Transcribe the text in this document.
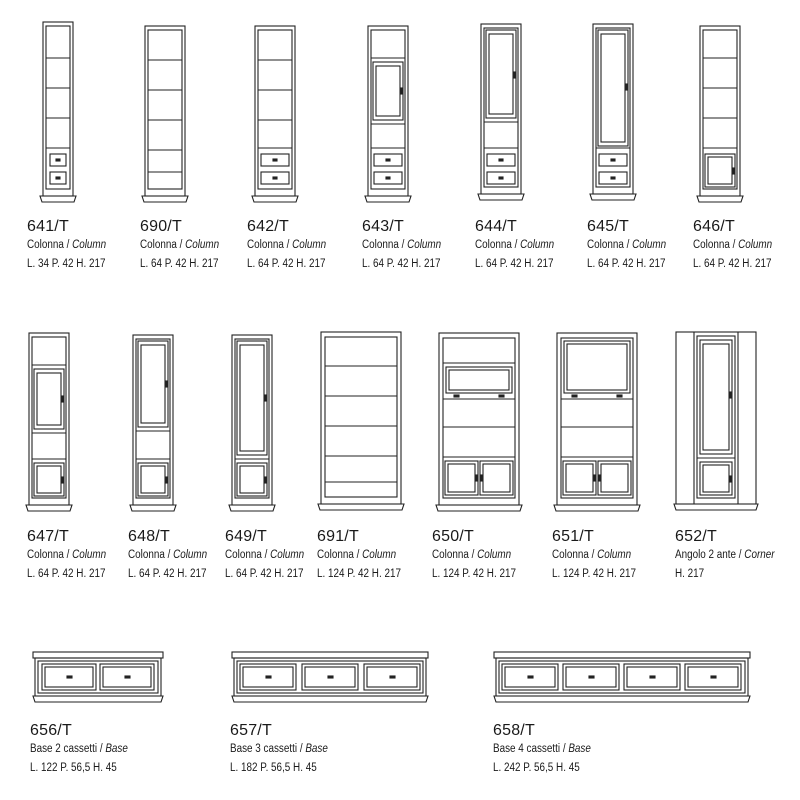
641/T
Colonna / Column
L. 34 P. 42 H. 217
690/T
Colonna / Column
L. 64 P. 42 H. 217
642/T
Colonna / Column
L. 64 P. 42 H. 217
643/T
Colonna / Column
L. 64 P. 42 H. 217
644/T
Colonna / Column
L. 64 P. 42 H. 217
645/T
Colonna / Column
L. 64 P. 42 H. 217
646/T
Colonna / Column
L. 64 P. 42 H. 217
647/T
Colonna / Column
L. 64 P. 42 H. 217
648/T
Colonna / Column
L. 64 P. 42 H. 217
649/T
Colonna / Column
L. 64 P. 42 H. 217
691/T
Colonna / Column
L. 124 P. 42 H. 217
650/T
Colonna / Column
L. 124 P. 42 H. 217
651/T
Colonna / Column
L. 124 P. 42 H. 217
652/T
Angolo 2 ante / Corner
H. 217
656/T
Base 2 cassetti / Base
L. 122 P. 56,5 H. 45
657/T
Base 3 cassetti / Base
L. 182 P. 56,5 H. 45
658/T
Base 4 cassetti / Base
L. 242 P. 56,5 H. 45
